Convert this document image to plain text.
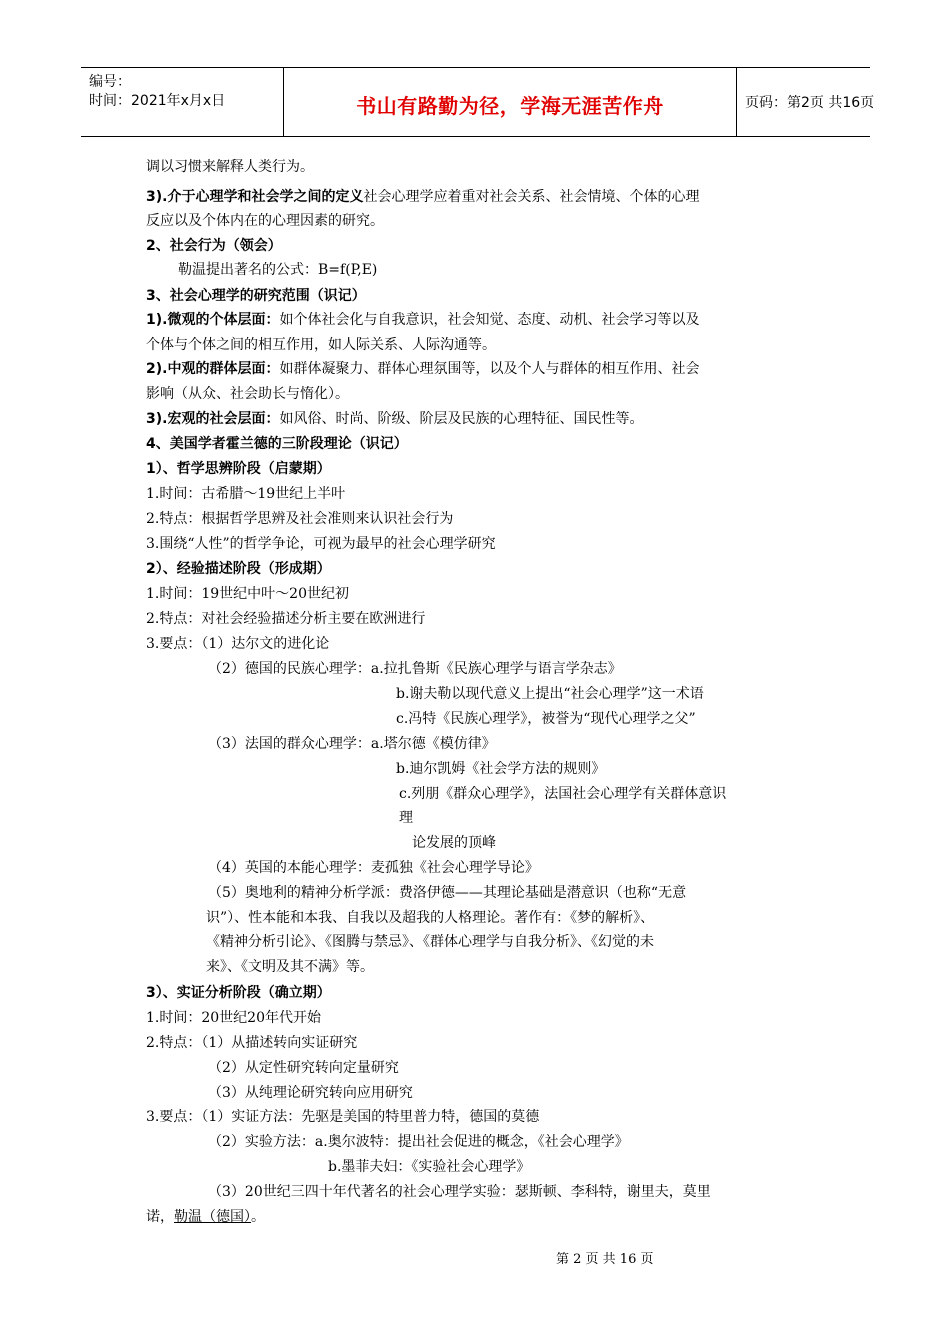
编号：
时间：2021年x月x日	书山有路勤为径，学海无涯苦作舟	页码：第2页 共16页
调以习惯来解释人类行为。
3).介于心理学和社会学之间的定义社会心理学应着重对社会关系、社会情境、个体的心理
反应以及个体内在的心理因素的研究。
2、社会行为（领会）
勒温提出著名的公式：B=f(P,E)
3、社会心理学的研究范围（识记）
1).微观的个体层面：如个体社会化与自我意识，社会知觉、态度、动机、社会学习等以及
个体与个体之间的相互作用，如人际关系、人际沟通等。
2).中观的群体层面：如群体凝聚力、群体心理氛围等，以及个人与群体的相互作用、社会
影响（从众、社会助长与惰化）。
3).宏观的社会层面：如风俗、时尚、阶级、阶层及民族的心理特征、国民性等。
4、美国学者霍兰德的三阶段理论（识记）
1）、哲学思辨阶段（启蒙期）
1.时间：古希腊～19世纪上半叶
2.特点：根据哲学思辨及社会准则来认识社会行为
3.围绕“人性”的哲学争论，可视为最早的社会心理学研究
2）、经验描述阶段（形成期）
1.时间：19世纪中叶～20世纪初
2.特点：对社会经验描述分析主要在欧洲进行
3.要点：（1）达尔文的进化论
（2）德国的民族心理学：a.拉扎鲁斯《民族心理学与语言学杂志》
b.谢夫勒以现代意义上提出“社会心理学”这一术语
c.冯特《民族心理学》，被誉为“现代心理学之父”
（3）法国的群众心理学：a.塔尔德《模仿律》
b.迪尔凯姆《社会学方法的规则》
c.列朋《群众心理学》，法国社会心理学有关群体意识
理
论发展的顶峰
（4）英国的本能心理学：麦孤独《社会心理学导论》
（5）奥地利的精神分析学派：费洛伊德——其理论基础是潜意识（也称“无意
识”）、性本能和本我、自我以及超我的人格理论。著作有：《梦的解析》、
《精神分析引论》、《图腾与禁忌》、《群体心理学与自我分析》、《幻觉的未
来》、《文明及其不满》等。
3）、实证分析阶段（确立期）
1.时间：20世纪20年代开始
2.特点：（1）从描述转向实证研究
（2）从定性研究转向定量研究
（3）从纯理论研究转向应用研究
3.要点：（1）实证方法：先驱是美国的特里普力特，德国的莫德
（2）实验方法：a.奥尔波特：提出社会促进的概念，《社会心理学》
b.墨菲夫妇：《实验社会心理学》
（3）20世纪三四十年代著名的社会心理学实验：瑟斯顿、李科特，谢里夫，莫里
诺，勒温（德国）。
第 2 页 共 16 页
